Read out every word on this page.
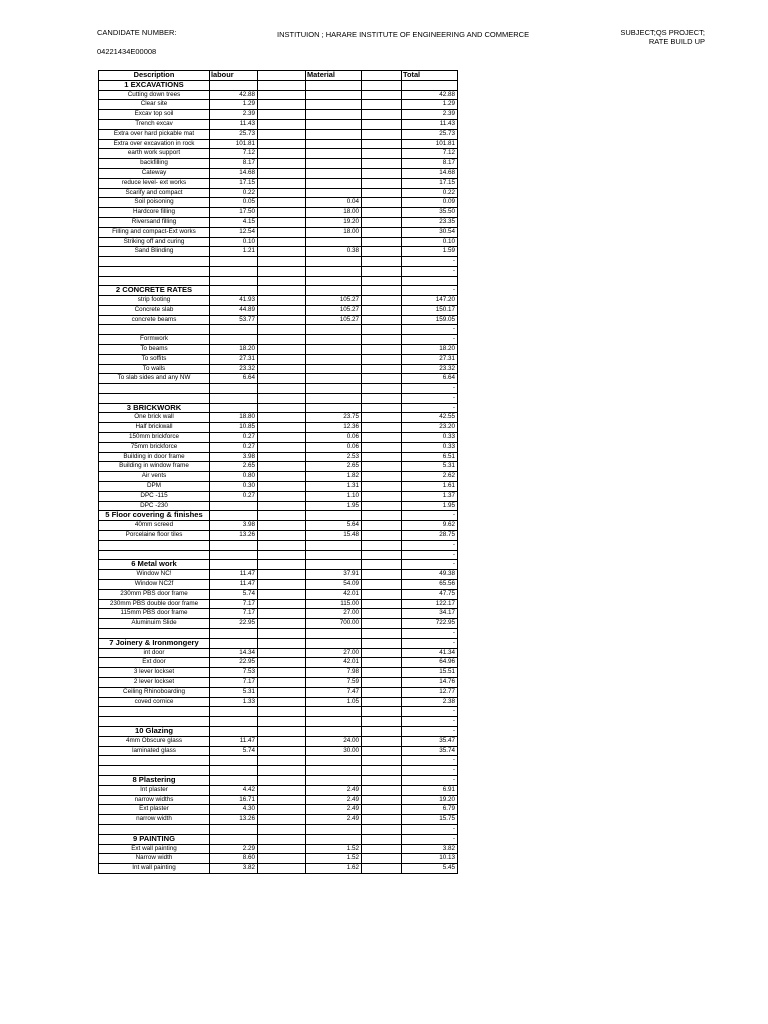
CANDIDATE NUMBER:
04221434E00008
INSTITUION ; HARARE INSTITUTE OF ENGINEERING AND COMMERCE	SUBJECT;QS PROJECT;
RATE BUILD UP
Description	labour		Material		Total
1 EXCAVATIONS					
Cutting down trees	42.88				42.88
Clear site	1.29				1.29
Excav top soil	2.39				2.39
Trench excav	11.43				11.43
Extra over hard pickable mat	25.73				25.73
Extra over excavation in rock	101.81				101.81
earth work support	7.12				7.12
backfilling	8.17				8.17
Cateway	14.68				14.68
reduce level- ext works	17.15				17.15
Scarify and compact	0.22				0.22
Soil poisoning	0.05		0.04		0.09
Hardcore filling	17.50		18.00		35.50
Riversand filling	4.15		19.20		23.35
Filling and compact-Ext works	12.54		18.00		30.54
Striking off and curing	0.10				0.10
Sand Blinding	1.21		0.38		1.59
					-
					-

2 CONCRETE RATES					-
strip footing	41.93		105.27		147.20
Concrete slab	44.89		105.27		150.17
concrete beams	53.77		105.27		159.05
					-
Formwork					-
To beams	18.20				18.20
To soffits	27.31				27.31
To walls	23.32				23.32
To slab sides and any NW	6.64				6.64
					-
					-
3 BRICKWORK					-
One brick wall	18.80		23.75		42.55
Half brickwall	10.85		12.36		23.20
150mm brickforce	0.27		0.06		0.33
75mm brickforce	0.27		0.06		0.33
Building in door frame	3.98		2.53		6.51
Building in window frame	2.65		2.65		5.31
Air vents	0.80		1.82		2.62
DPM	0.30		1.31		1.61
DPC -115	0.27		1.10		1.37
DPC -230			1.95		1.95
5 Floor covering & finishes					-
40mm screed	3.98		5.64		9.62
Porcelaine floor tiles	13.26		15.48		28.75
					-
					-
6 Metal work					-
Window NC!	11.47		37.91		49.38
Window NC2f	11.47		54.09		65.56
230mm PBS door frame	5.74		42.01		47.75
230mm PBS double door frame	7.17		115.00		122.17
115mm PBS door frame	7.17		27.00		34.17
Aluminuim Slide	22.95		700.00		722.95
					-
7 Joinery & Ironmongery					-
int door	14.34		27.00		41.34
Ext door	22.95		42.01		64.96
3 lever lockset	7.53		7.98		15.51
2 lever lockset	7.17		7.59		14.76
Ceiling Rhinoboarding	5.31		7.47		12.77
coved cornice	1.33		1.05		2.38
					-
					-
10 Glazing					-
4mm Obscure glass	11.47		24.00		35.47
laminated glass	5.74		30.00		35.74
					-
					-
8 Plastering					-
Int plaster	4.42		2.49		6.91
narrow widths	16.71		2.49		19.20
Ext plaster	4.30		2.49		6.79
narrow width	13.26		2.49		15.75
					-
9 PAINTING					-
Ext wall painting	2.29		1.52		3.82
Narrow width	8.60		1.52		10.13
Int wall painting	3.82		1.62		5.45
